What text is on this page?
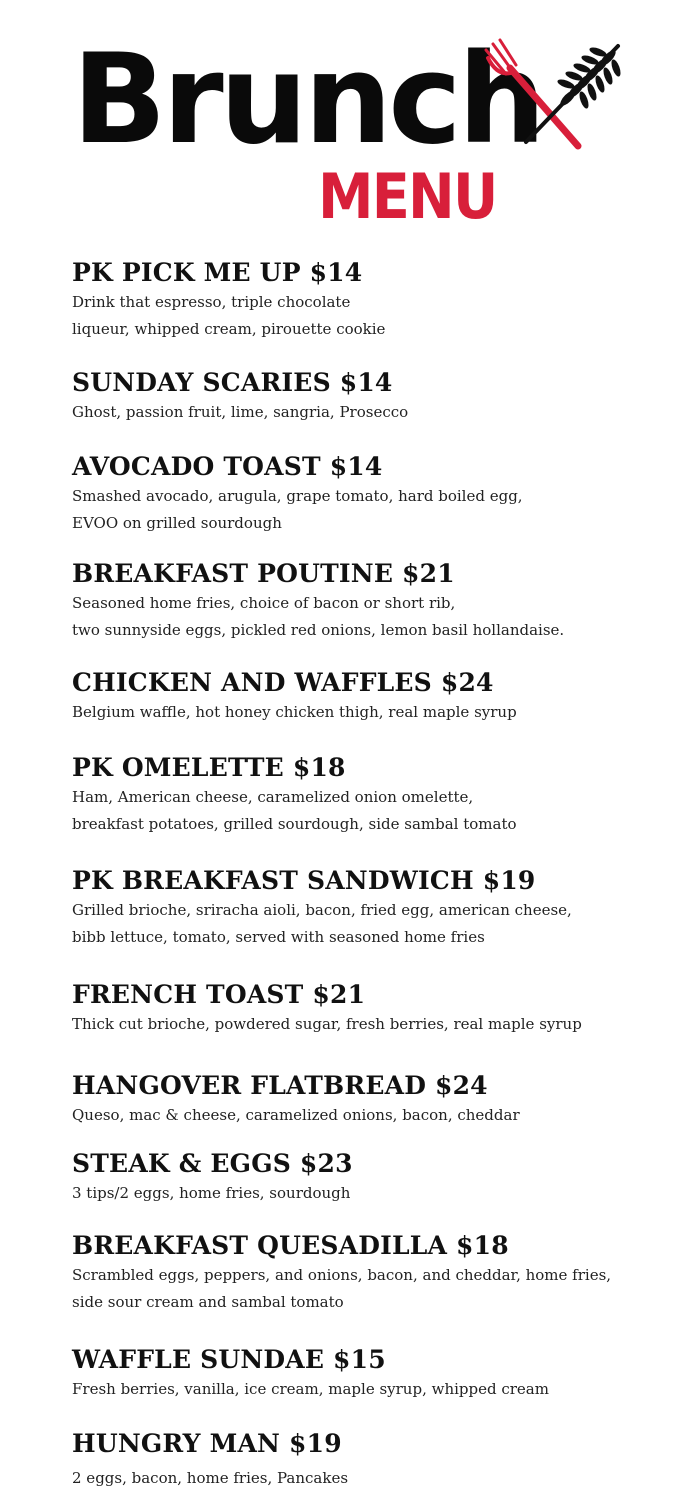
Brunch
MENU
PK PICK ME UP $14
Drink that espresso, triple chocolate
liqueur, whipped cream, pirouette cookie
SUNDAY SCARIES $14
Ghost, passion fruit, lime, sangria, Prosecco
AVOCADO TOAST $14
Smashed avocado, arugula, grape tomato, hard boiled egg,
EVOO on grilled sourdough
BREAKFAST POUTINE $21
Seasoned home fries, choice of bacon or short rib,
two sunnyside eggs, pickled red onions, lemon basil hollandaise.
CHICKEN AND WAFFLES $24
Belgium waffle, hot honey chicken thigh, real maple syrup
PK OMELETTE $18
Ham, American cheese, caramelized onion omelette,
breakfast potatoes, grilled sourdough, side sambal tomato
PK BREAKFAST SANDWICH $19
Grilled brioche, sriracha aioli, bacon, fried egg, american cheese,
bibb lettuce, tomato, served with seasoned home fries
FRENCH TOAST $21
Thick cut brioche, powdered sugar, fresh berries, real maple syrup
HANGOVER FLATBREAD $24
Queso, mac & cheese, caramelized onions, bacon, cheddar
STEAK & EGGS $23
3 tips/2 eggs, home fries, sourdough
BREAKFAST QUESADILLA $18
Scrambled eggs, peppers, and onions, bacon, and cheddar, home fries,
side sour cream and sambal tomato
WAFFLE SUNDAE $15
Fresh berries, vanilla, ice cream, maple syrup, whipped cream
HUNGRY MAN $19
2 eggs, bacon, home fries, Pancakes
